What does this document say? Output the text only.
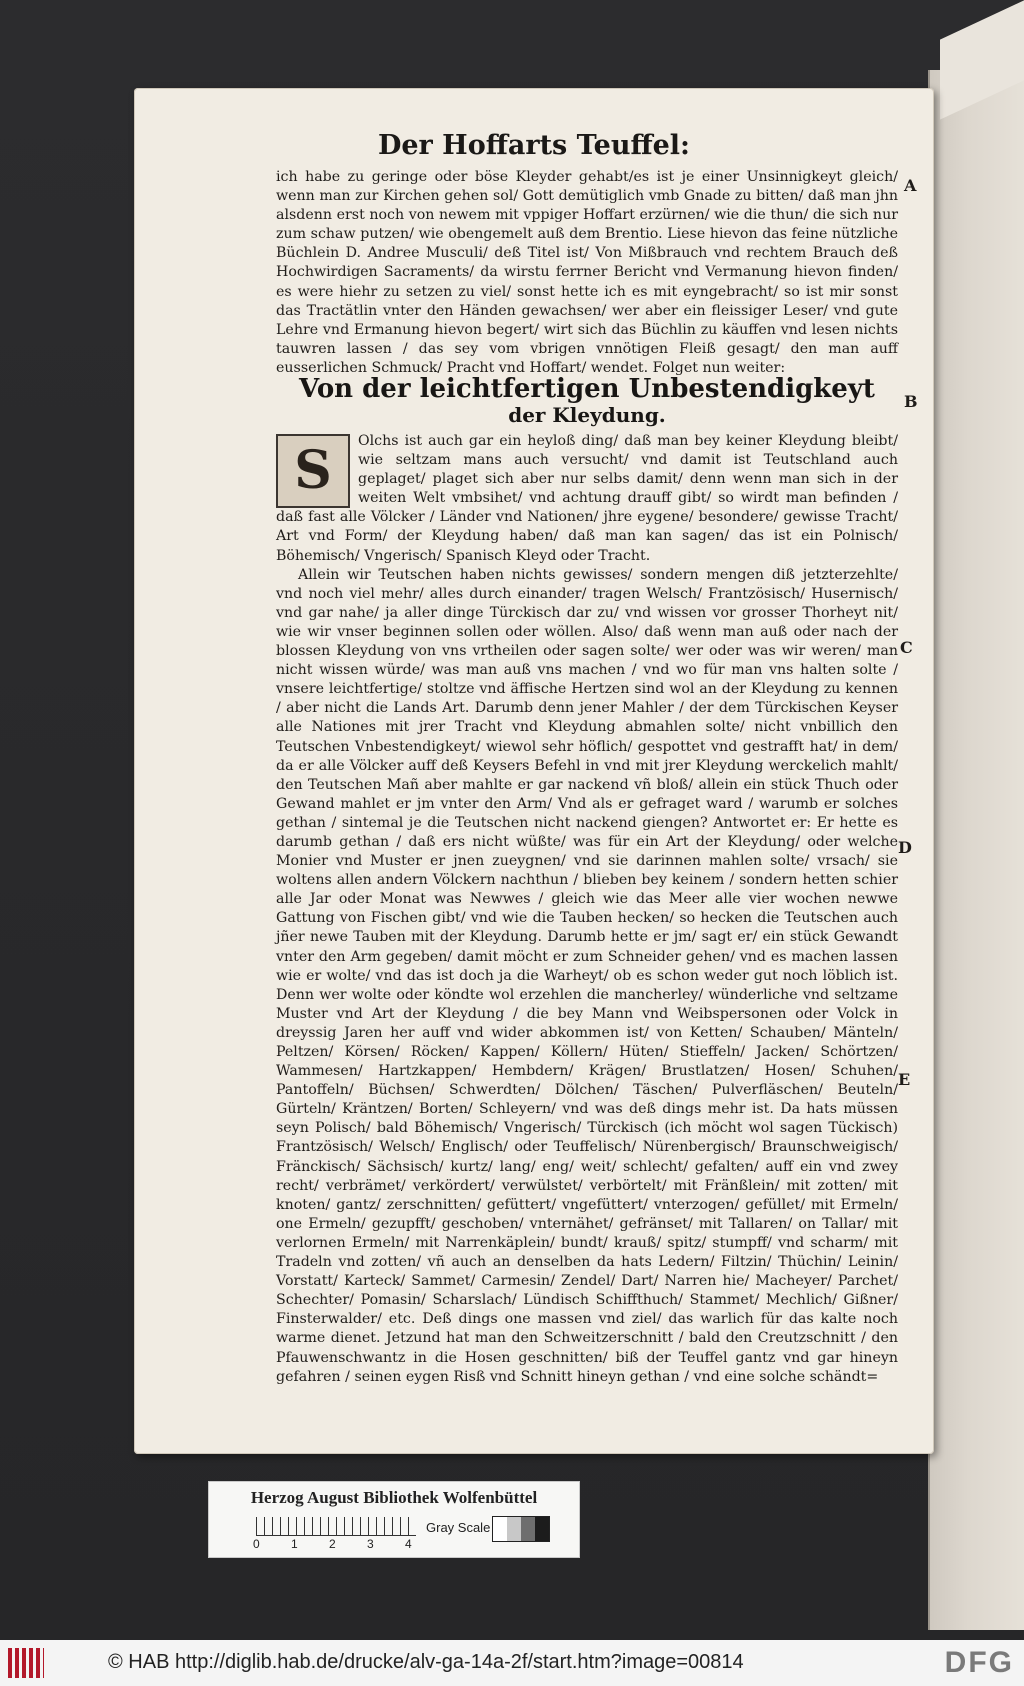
Der Hoffarts Teuffel:

ich habe zu geringe oder böse Kleyder gehabt/es ist je einer Unsinnigkeyt gleich/ wenn man zur Kirchen gehen sol/ Gott demütiglich vmb Gnade zu bitten/ daß man jhn alsdenn erst noch von newem mit vppiger Hoffart erzürnen/ wie die thun/ die sich nur zum schaw putzen/ wie obengemelt auß dem Brentio. Liese hievon das feine nützliche Büchlein D. Andree Musculi/ deß Titel ist/ Von Mißbrauch vnd rechtem Brauch deß Hochwirdigen Sacraments/ da wirstu ferrner Bericht vnd Vermanung hievon finden/ es were hiehr zu setzen zu viel/ sonst hette ich es mit eyngebracht/ so ist mir sonst das Tractätlin vnter den Händen gewachsen/ wer aber ein fleissiger Leser/ vnd gute Lehre vnd Ermanung hievon begert/ wirt sich das Büchlin zu käuffen vnd lesen nichts tauwren lassen / das sey vom vbrigen vnnötigen Fleiß gesagt/ den man auff eusserlichen Schmuck/ Pracht vnd Hoffart/ wendet. Folget nun weiter:

Von der leichtfertigen Unbestendigkeyt
der Kleydung.
S	Olchs ist auch gar ein heyloß ding/ daß man bey keiner Kleydung bleibt/ wie seltzam mans auch versucht/ vnd damit ist Teutschland auch geplaget/ plaget sich aber nur selbs damit/ denn wenn man sich in der weiten Welt vmbsihet/ vnd achtung drauff gibt/ so wirdt man befinden / daß fast alle Völcker / Länder vnd Nationen/ jhre eygene/ besondere/ gewisse Tracht/ Art vnd Form/ der Kleydung haben/ daß man kan sagen/ das ist ein Polnisch/ Böhemisch/ Vngerisch/ Spanisch Kleyd oder Tracht.

Allein wir Teutschen haben nichts gewisses/ sondern mengen diß jetzterzehlte/ vnd noch viel mehr/ alles durch einander/ tragen Welsch/ Frantzösisch/ Husernisch/ vnd gar nahe/ ja aller dinge Türckisch dar zu/ vnd wissen vor grosser Thorheyt nit/ wie wir vnser beginnen sollen oder wöllen. Also/ daß wenn man auß oder nach der blossen Kleydung von vns vrtheilen oder sagen solte/ wer oder was wir weren/ man nicht wissen würde/ was man auß vns machen / vnd wo für man vns halten solte / vnsere leichtfertige/ stoltze vnd äffische Hertzen sind wol an der Kleydung zu kennen / aber nicht die Lands Art. Darumb denn jener Mahler / der dem Türckischen Keyser alle Nationes mit jrer Tracht vnd Kleydung abmahlen solte/ nicht vnbillich den Teutschen Vnbestendigkeyt/ wiewol sehr höflich/ gespottet vnd gestrafft hat/ in dem/ da er alle Völcker auff deß Keysers Befehl in vnd mit jrer Kleydung werckelich mahlt/ den Teutschen Mañ aber mahlte er gar nackend vñ bloß/ allein ein stück Thuch oder Gewand mahlet er jm vnter den Arm/ Vnd als er gefraget ward / warumb er solches gethan / sintemal je die Teutschen nicht nackend giengen? Antwortet er: Er hette es darumb gethan / daß ers nicht wüßte/ was für ein Art der Kleydung/ oder welche Monier vnd Muster er jnen zueygnen/ vnd sie darinnen mahlen solte/ vrsach/ sie woltens allen andern Völckern nachthun / blieben bey keinem / sondern hetten schier alle Jar oder Monat was Newwes / gleich wie das Meer alle vier wochen newwe Gattung von Fischen gibt/ vnd wie die Tauben hecken/ so hecken die Teutschen auch jñer newe Tauben mit der Kleydung. Darumb hette er jm/ sagt er/ ein stück Gewandt vnter den Arm gegeben/ damit möcht er zum Schneider gehen/ vnd es machen lassen wie er wolte/ vnd das ist doch ja die Warheyt/ ob es schon weder gut noch löblich ist. Denn wer wolte oder köndte wol erzehlen die mancherley/ wünderliche vnd seltzame Muster vnd Art der Kleydung / die bey Mann vnd Weibspersonen oder Volck in dreyssig Jaren her auff vnd wider abkommen ist/ von Ketten/ Schauben/ Mänteln/ Peltzen/ Körsen/ Röcken/ Kappen/ Köllern/ Hüten/ Stieffeln/ Jacken/ Schörtzen/ Wammesen/ Hartzkappen/ Hembdern/ Krägen/ Brustlatzen/ Hosen/ Schuhen/ Pantoffeln/ Büchsen/ Schwerdten/ Dölchen/ Täschen/ Pulverfläschen/ Beuteln/ Gürteln/ Kräntzen/ Borten/ Schleyern/ vnd was deß dings mehr ist. Da hats müssen seyn Polisch/ bald Böhemisch/ Vngerisch/ Türckisch (ich möcht wol sagen Tückisch) Frantzösisch/ Welsch/ Englisch/ oder Teuffelisch/ Nürenbergisch/ Braunschweigisch/ Fränckisch/ Sächsisch/ kurtz/ lang/ eng/ weit/ schlecht/ gefalten/ auff ein vnd zwey recht/ verbrämet/ verkördert/ verwülstet/ verbörtelt/ mit Fränßlein/ mit zotten/ mit knoten/ gantz/ zerschnitten/ gefüttert/ vngefüttert/ vnterzogen/ gefüllet/ mit Ermeln/ one Ermeln/ gezupfft/ geschoben/ vnternähet/ gefränset/ mit Tallaren/ on Tallar/ mit verlornen Ermeln/ mit Narrenkäplein/ bundt/ krauß/ spitz/ stumpff/ vnd scharm/ mit Tradeln vnd zotten/ vñ auch an denselben da hats Ledern/ Filtzin/ Thüchin/ Leinin/ Vorstatt/ Karteck/ Sammet/ Carmesin/ Zendel/ Dart/ Narren hie/ Macheyer/ Parchet/ Schechter/ Pomasin/ Scharslach/ Lündisch Schiffthuch/ Stammet/ Mechlich/ Gißner/ Finsterwalder/ etc. Deß dings one massen vnd ziel/ das warlich für das kalte noch warme dienet. Jetzund hat man den Schweitzerschnitt / bald den Creutzschnitt / den Pfauwenschwantz in die Hosen geschnitten/ biß der Teuffel gantz vnd gar hineyn gefahren / seinen eygen Risß vnd Schnitt hineyn gethan / vnd eine solche schändt=

A
B
C
D
E
Herzog August Bibliothek Wolfenbüttel
0	1	2	3	4
Gray Scale
© HAB http://diglib.hab.de/drucke/alv-ga-14a-2f/start.htm?image=00814	DFG
